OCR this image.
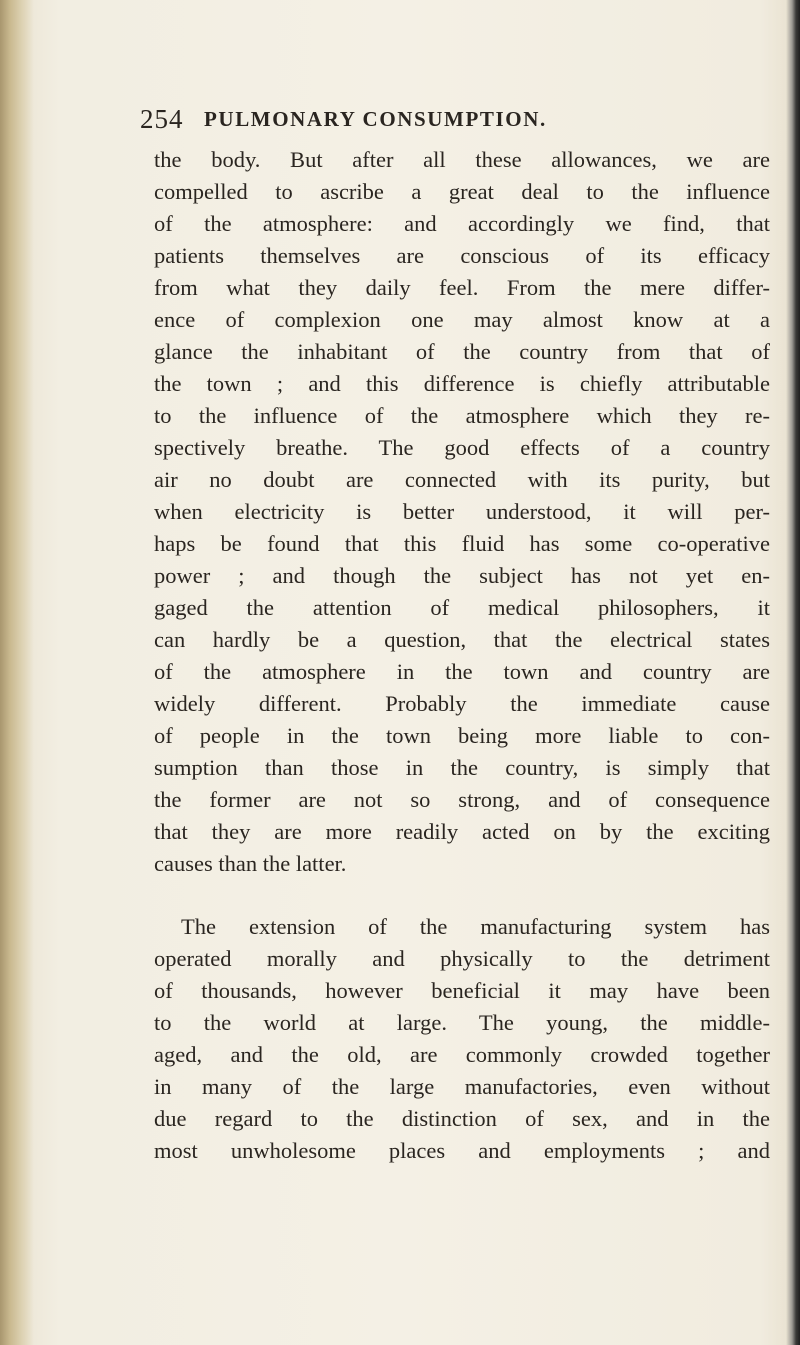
254 PULMONARY CONSUMPTION.
the body. But after all these allowances, we are
compelled to ascribe a great deal to the influence
of the atmosphere: and accordingly we find, that
patients themselves are conscious of its efficacy
from what they daily feel. From the mere differ-
ence of complexion one may almost know at a
glance the inhabitant of the country from that of
the town ; and this difference is chiefly attributable
to the influence of the atmosphere which they re-
spectively breathe. The good effects of a country
air no doubt are connected with its purity, but
when electricity is better understood, it will per-
haps be found that this fluid has some co-operative
power ; and though the subject has not yet en-
gaged the attention of medical philosophers, it
can hardly be a question, that the electrical states
of the atmosphere in the town and country are
widely different. Probably the immediate cause
of people in the town being more liable to con-
sumption than those in the country, is simply that
the former are not so strong, and of consequence
that they are more readily acted on by the exciting
causes than the latter.
The extension of the manufacturing system has
operated morally and physically to the detriment
of thousands, however beneficial it may have been
to the world at large. The young, the middle-
aged, and the old, are commonly crowded together
in many of the large manufactories, even without
due regard to the distinction of sex, and in the
most unwholesome places and employments ; and
